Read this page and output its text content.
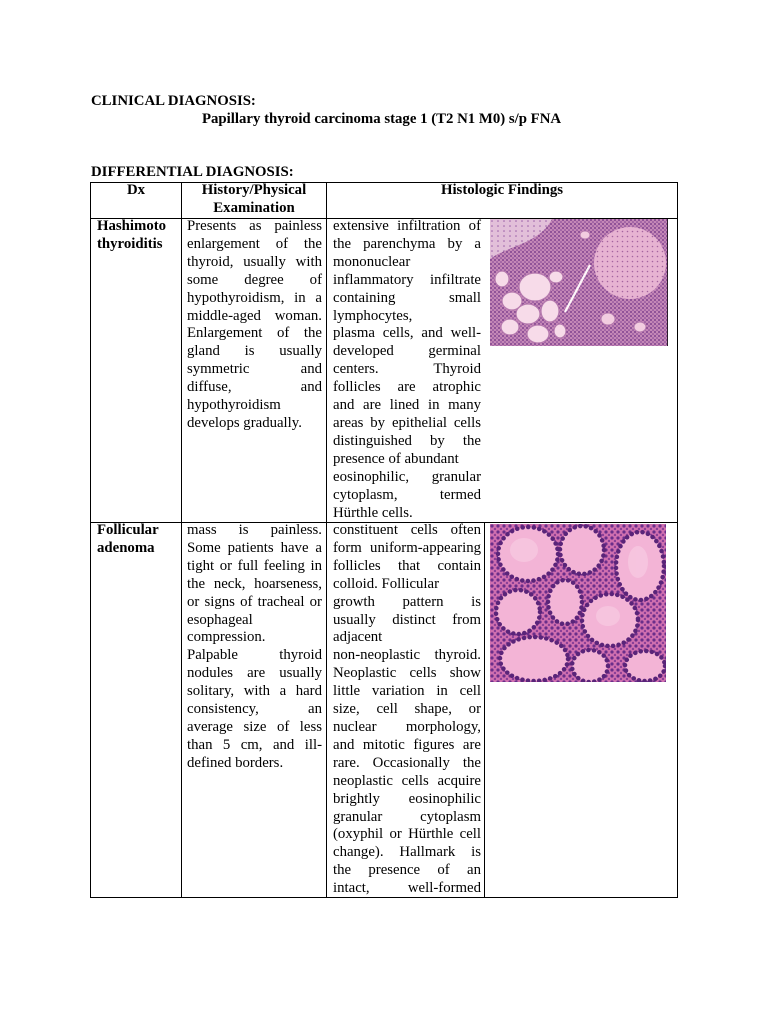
CLINICAL DIAGNOSIS:
Papillary thyroid carcinoma stage 1 (T2 N1 M0) s/p FNA
DIFFERENTIAL DIAGNOSIS:
Dx	History/Physical Examination
Histologic Findings
Hashimoto thyroiditis
Presents as painless
enlargement of the
thyroid, usually with
some degree of
hypothyroidism, in a
middle-aged woman.
Enlargement of the
gland is usually
symmetric and
diffuse, and
hypothyroidism
develops gradually.
extensive infiltration of
the parenchyma by a
mononuclear
inflammatory infiltrate
containing small
lymphocytes,
plasma cells, and well-
developed germinal
centers. Thyroid
follicles are atrophic
and are lined in many
areas by epithelial cells
distinguished by the
presence of abundant
eosinophilic, granular
cytoplasm, termed
Hürthle cells.
Follicular adenoma
mass is painless.
Some patients have a
tight or full feeling in
the neck, hoarseness,
or signs of tracheal or
esophageal
compression.
Palpable thyroid
nodules are usually
solitary, with a hard
consistency, an
average size of less
than 5 cm, and ill-
defined borders.
constituent cells often
form uniform-appearing
follicles that contain
colloid. Follicular
growth pattern is
usually distinct from
adjacent
non-neoplastic thyroid.
Neoplastic cells show
little variation in cell
size, cell shape, or
nuclear morphology,
and mitotic figures are
rare. Occasionally the
neoplastic cells acquire
brightly eosinophilic
granular cytoplasm
(oxyphil or Hürthle cell
change). Hallmark is
the presence of an
intact, well-formed
